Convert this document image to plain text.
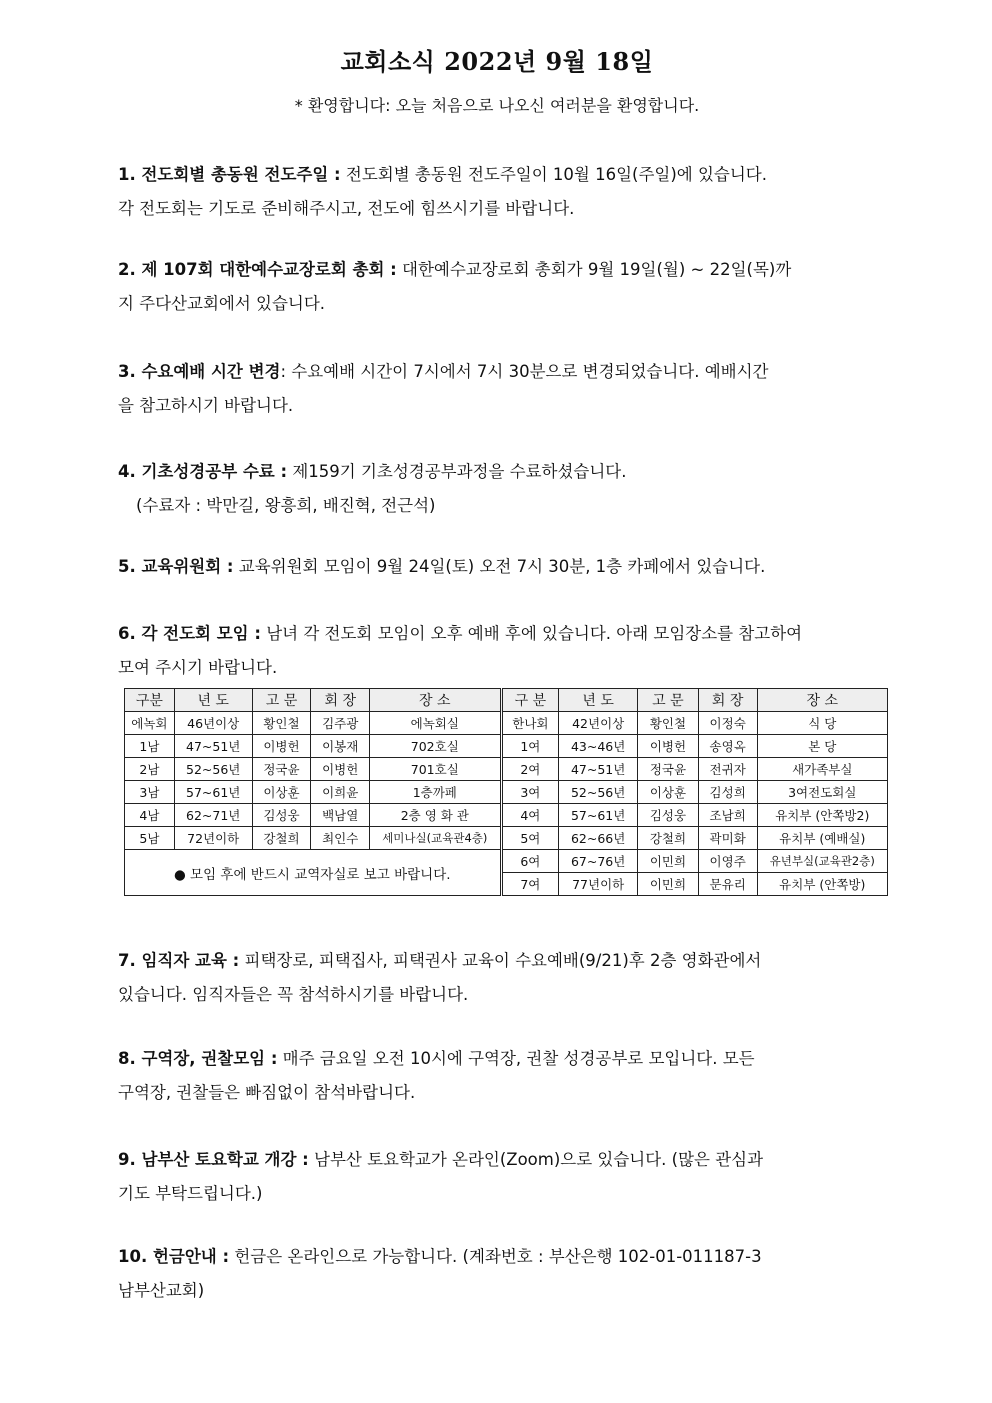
교회소식 2022년 9월 18일
* 환영합니다: 오늘 처음으로 나오신 여러분을 환영합니다.
1. 전도회별 총동원 전도주일 : 전도회별 총동원 전도주일이 10월 16일(주일)에 있습니다.
각 전도회는 기도로 준비해주시고, 전도에 힘쓰시기를 바랍니다.
2. 제 107회 대한예수교장로회 총회 : 대한예수교장로회 총회가 9월 19일(월) ~ 22일(목)까
지 주다산교회에서 있습니다.
3. 수요예배 시간 변경: 수요예배 시간이 7시에서 7시 30분으로 변경되었습니다. 예배시간
을 참고하시기 바랍니다.
4. 기초성경공부 수료 : 제159기 기초성경공부과정을 수료하셨습니다.
(수료자 : 박만길, 왕흥희, 배진혁, 전근석)
5. 교육위원회 : 교육위원회 모임이 9월 24일(토) 오전 7시 30분, 1층 카페에서 있습니다.
6. 각 전도회 모임 : 남녀 각 전도회 모임이 오후 예배 후에 있습니다. 아래 모임장소를 참고하여
모여 주시기 바랍니다.
7. 임직자 교육 : 피택장로, 피택집사, 피택권사 교육이 수요예배(9/21)후 2층 영화관에서
있습니다. 임직자들은 꼭 참석하시기를 바랍니다.
8. 구역장, 권찰모임 : 매주 금요일 오전 10시에 구역장, 권찰 성경공부로 모입니다. 모든
구역장, 권찰들은 빠짐없이 참석바랍니다.
9. 남부산 토요학교 개강 : 남부산 토요학교가 온라인(Zoom)으로 있습니다. (많은 관심과
기도 부탁드립니다.)
10. 헌금안내 : 헌금은 온라인으로 가능합니다. (계좌번호 : 부산은행 102-01-011187-3
남부산교회)
구분	년 도	고 문	회 장	장 소	구 분	년 도	고 문	회 장	장 소
에녹회	46년이상	황인철	김주광	에녹회실	한나회	42년이상	황인철	이정숙	식 당
1남	47~51년	이병헌	이봉재	702호실	1여	43~46년	이병헌	송영옥	본 당
2남	52~56년	정국윤	이병헌	701호실	2여	47~51년	정국윤	전귀자	새가족부실
3남	57~61년	이상훈	이희윤	1층까페	3여	52~56년	이상훈	김성희	3여전도회실
4남	62~71년	김성웅	백남열	2층 영 화 관	4여	57~61년	김성웅	조남희	유치부 (안쪽방2)
5남	72년이하	강철희	최인수	세미나실(교육관4층)	5여	62~66년	강철희	곽미화	유치부 (예배실)
● 모임 후에 반드시 교역자실로 보고 바랍니다.					6여	67~76년	이민희	이영주	유년부실(교육관2층)
					7여	77년이하	이민희	문유리	유치부 (안쪽방)
